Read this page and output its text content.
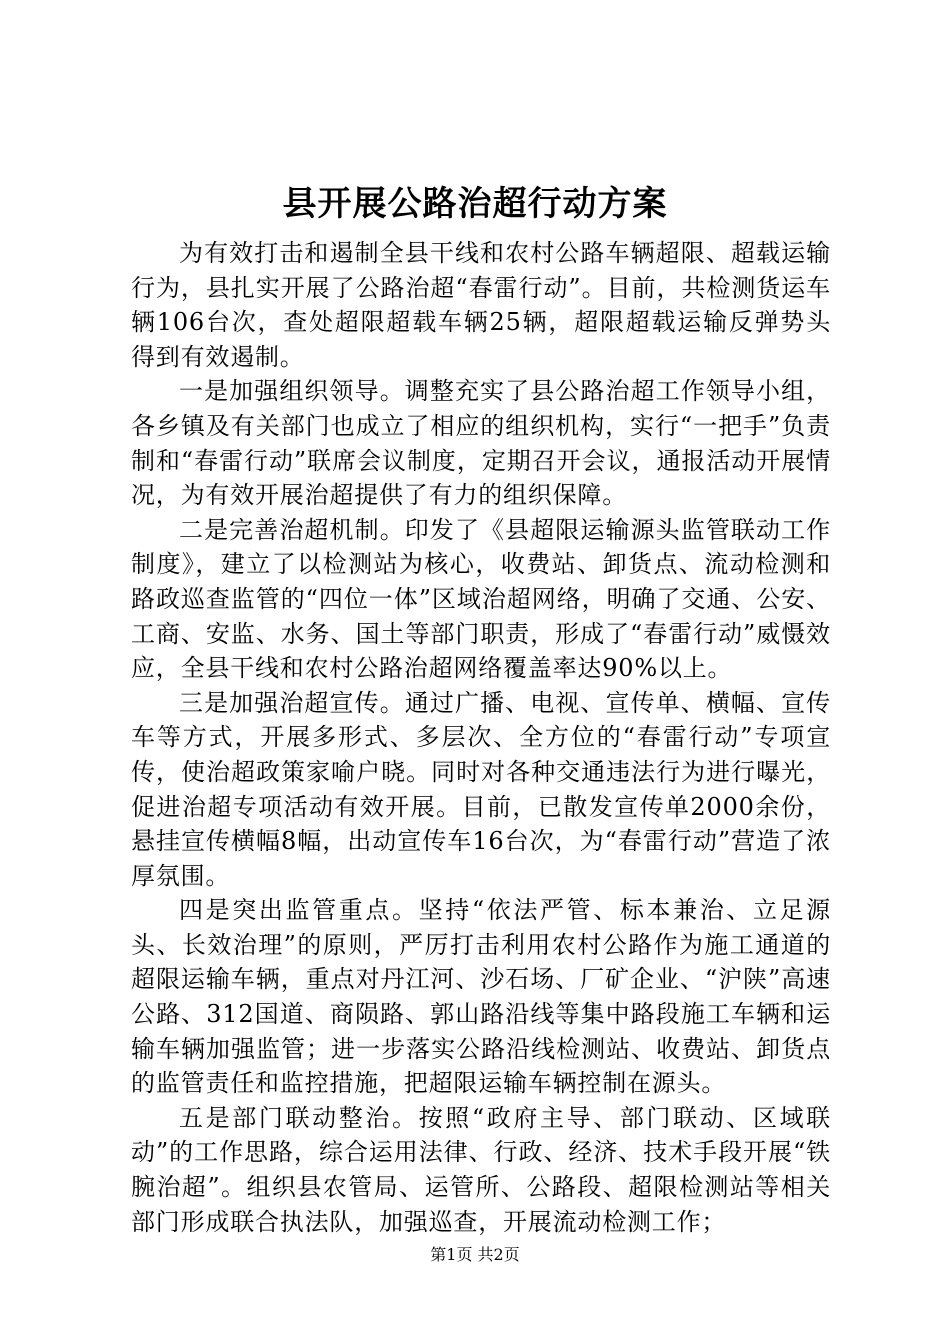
县开展公路治超行动方案

为有效打击和遏制全县干线和农村公路车辆超限、超载运输行为，县扎实开展了公路治超“春雷行动”。目前，共检测货运车辆106台次，查处超限超载车辆25辆，超限超载运输反弹势头得到有效遏制。

一是加强组织领导。调整充实了县公路治超工作领导小组，各乡镇及有关部门也成立了相应的组织机构，实行“一把手”负责制和“春雷行动”联席会议制度，定期召开会议，通报活动开展情况，为有效开展治超提供了有力的组织保障。

二是完善治超机制。印发了《县超限运输源头监管联动工作制度》，建立了以检测站为核心，收费站、卸货点、流动检测和路政巡查监管的“四位一体”区域治超网络，明确了交通、公安、工商、安监、水务、国土等部门职责，形成了“春雷行动”威慑效应，全县干线和农村公路治超网络覆盖率达90%以上。

三是加强治超宣传。通过广播、电视、宣传单、横幅、宣传车等方式，开展多形式、多层次、全方位的“春雷行动”专项宣传，使治超政策家喻户晓。同时对各种交通违法行为进行曝光，促进治超专项活动有效开展。目前，已散发宣传单2000余份，悬挂宣传横幅8幅，出动宣传车16台次，为“春雷行动”营造了浓厚氛围。

四是突出监管重点。坚持“依法严管、标本兼治、立足源头、长效治理”的原则，严厉打击利用农村公路作为施工通道的超限运输车辆，重点对丹江河、沙石场、厂矿企业、“沪陕”高速公路、312国道、商陨路、郭山路沿线等集中路段施工车辆和运输车辆加强监管；进一步落实公路沿线检测站、收费站、卸货点的监管责任和监控措施，把超限运输车辆控制在源头。

五是部门联动整治。按照“政府主导、部门联动、区域联动”的工作思路，综合运用法律、行政、经济、技术手段开展“铁腕治超”。组织县农管局、运管所、公路段、超限检测站等相关部门形成联合执法队，加强巡查，开展流动检测工作；

第1页 共2页
